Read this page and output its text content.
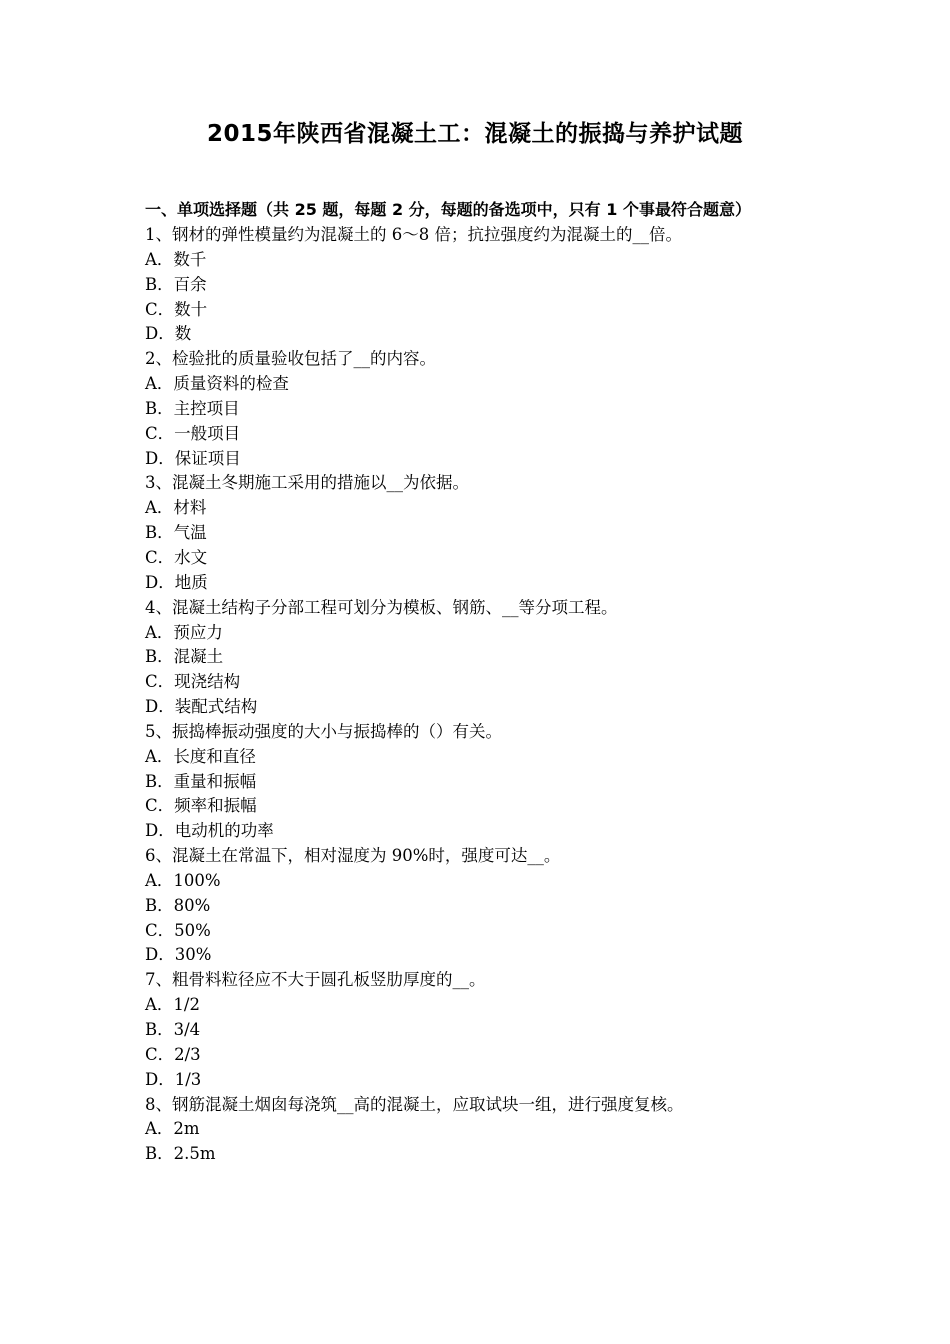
2015年陕西省混凝土工：混凝土的振捣与养护试题
一、单项选择题（共 25 题，每题 2 分，每题的备选项中，只有 1 个事最符合题意）
1、钢材的弹性模量约为混凝土的 6～8 倍；抗拉强度约为混凝土的__倍。
A．数千
B．百余
C．数十
D．数
2、检验批的质量验收包括了__的内容。
A．质量资料的检查
B．主控项目
C．一般项目
D．保证项目
3、混凝土冬期施工采用的措施以__为依据。
A．材料
B．气温
C．水文
D．地质
4、混凝土结构子分部工程可划分为模板、钢筋、__等分项工程。
A．预应力
B．混凝土
C．现浇结构
D．装配式结构
5、振捣棒振动强度的大小与振捣棒的（）有关。
A．长度和直径
B．重量和振幅
C．频率和振幅
D．电动机的功率
6、混凝土在常温下，相对湿度为 90%时，强度可达__。
A．100%
B．80%
C．50%
D．30%
7、粗骨料粒径应不大于圆孔板竖肋厚度的__。
A．1/2
B．3/4
C．2/3
D．1/3
8、钢筋混凝土烟囱每浇筑__高的混凝土，应取试块一组，进行强度复核。
A．2m
B．2.5m
